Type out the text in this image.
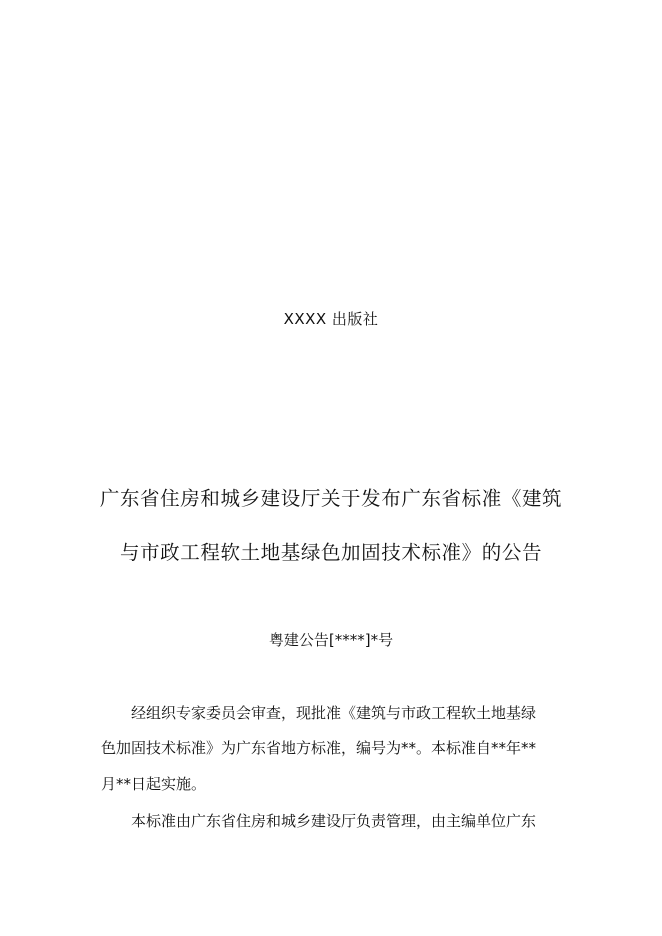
XXXX 出版社
广东省住房和城乡建设厅关于发布广东省标准《建筑
与市政工程软土地基绿色加固技术标准》的公告
粤建公告[****]*号
经组织专家委员会审查，现批准《建筑与市政工程软土地基绿
色加固技术标准》为广东省地方标准，编号为**。本标准自**年**
月**日起实施。
本标准由广东省住房和城乡建设厅负责管理，由主编单位广东
